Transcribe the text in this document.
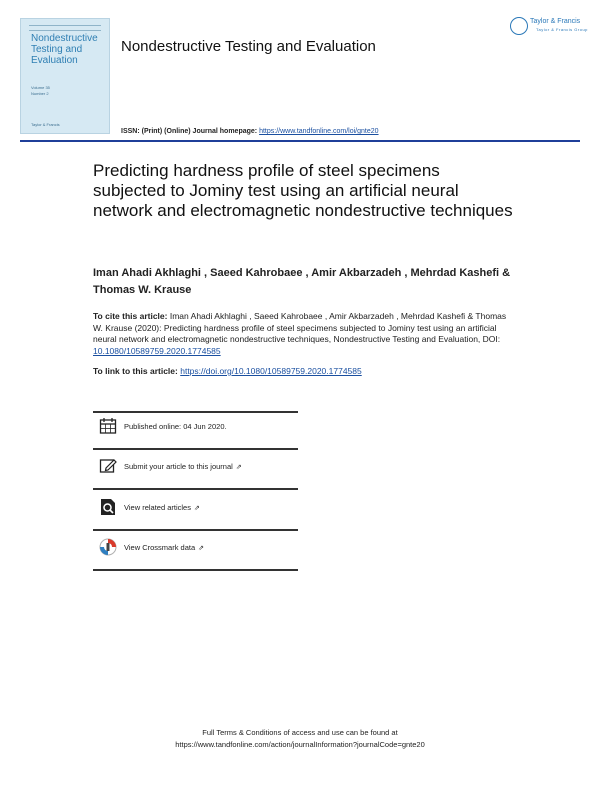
Nondestructive
Testing and
Evaluation
Volume 35
Number 2
Taylor & Francis
Nondestructive Testing and Evaluation
Taylor & Francis
Taylor & Francis Group
ISSN: (Print) (Online) Journal homepage: https://www.tandfonline.com/loi/gnte20
Predicting hardness profile of steel specimens subjected to Jominy test using an artificial neural network and electromagnetic nondestructive techniques
Iman Ahadi Akhlaghi , Saeed Kahrobaee , Amir Akbarzadeh , Mehrdad Kashefi & Thomas W. Krause
To cite this article: Iman Ahadi Akhlaghi , Saeed Kahrobaee , Amir Akbarzadeh , Mehrdad Kashefi & Thomas W. Krause (2020): Predicting hardness profile of steel specimens subjected to Jominy test using an artificial neural network and electromagnetic nondestructive techniques, Nondestructive Testing and Evaluation, DOI: 10.1080/10589759.2020.1774585
To link to this article: https://doi.org/10.1080/10589759.2020.1774585
Published online: 04 Jun 2020.
Submit your article to this journal ⇗
View related articles ⇗
View Crossmark data ⇗
Full Terms & Conditions of access and use can be found at
https://www.tandfonline.com/action/journalInformation?journalCode=gnte20
